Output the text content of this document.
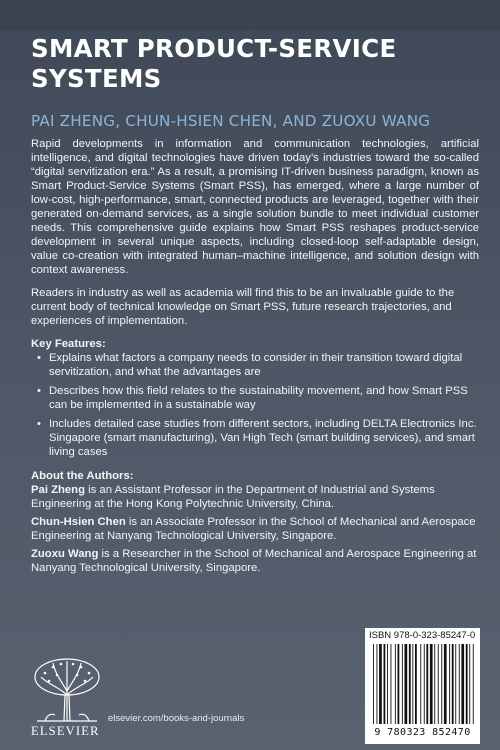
SMART PRODUCT-SERVICE SYSTEMS
PAI ZHENG, CHUN-HSIEN CHEN, AND ZUOXU WANG

Rapid developments in information and communication technologies, artificial intelligence, and digital technologies have driven today’s industries toward the so-called “digital servitization era.” As a result, a promising IT-driven business paradigm, known as Smart Product-Service Systems (Smart PSS), has emerged, where a large number of low-cost, high-performance, smart, connected products are leveraged, together with their generated on-demand services, as a single solution bundle to meet individual customer needs. This comprehensive guide explains how Smart PSS reshapes product-service development in several unique aspects, including closed-loop self-adaptable design, value co-creation with integrated human–machine intelligence, and solution design with context awareness.

Readers in industry as well as academia will find this to be an invaluable guide to the current body of technical knowledge on Smart PSS, future research trajectories, and experiences of implementation.

Key Features:

• Explains what factors a company needs to consider in their transition toward digital servitization, and what the advantages are
• Describes how this field relates to the sustainability movement, and how Smart PSS can be implemented in a sustainable way
• Includes detailed case studies from different sectors, including DELTA Electronics Inc. Singapore (smart manufacturing), Van High Tech (smart building services), and smart living cases

About the Authors:

Pai Zheng is an Assistant Professor in the Department of Industrial and Systems Engineering at the Hong Kong Polytechnic University, China.

Chun-Hsien Chen is an Associate Professor in the School of Mechanical and Aerospace Engineering at Nanyang Technological University, Singapore.

Zuoxu Wang is a Researcher in the School of Mechanical and Aerospace Engineering at Nanyang Technological University, Singapore.

ELSEVIER
elsevier.com/books-and-journals
ISBN 978-0-323-85247-0
9 780323 852470
